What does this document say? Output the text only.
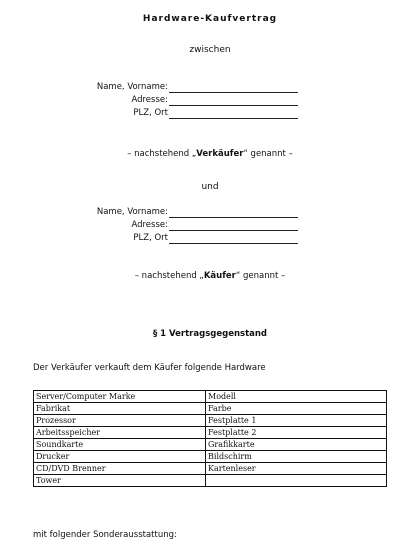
Hardware-Kaufvertrag
zwischen
Name, Vorname:
Adresse:
PLZ, Ort
– nachstehend „Verkäufer“ genannt –
und
Name, Vorname:
Adresse:
PLZ, Ort
– nachstehend „Käufer“ genannt –
§ 1 Vertragsgegenstand
Der Verkäufer verkauft dem Käufer folgende Hardware
Server/Computer Marke	Modell
Fabrikat	Farbe
Prozessor	Festplatte 1
Arbeitsspeicher	Festplatte 2
Soundkarte	Grafikkarte
Drucker	Bildschirm
CD/DVD Brenner	Kartenleser
Tower	
mit folgender Sonderausstattung:
